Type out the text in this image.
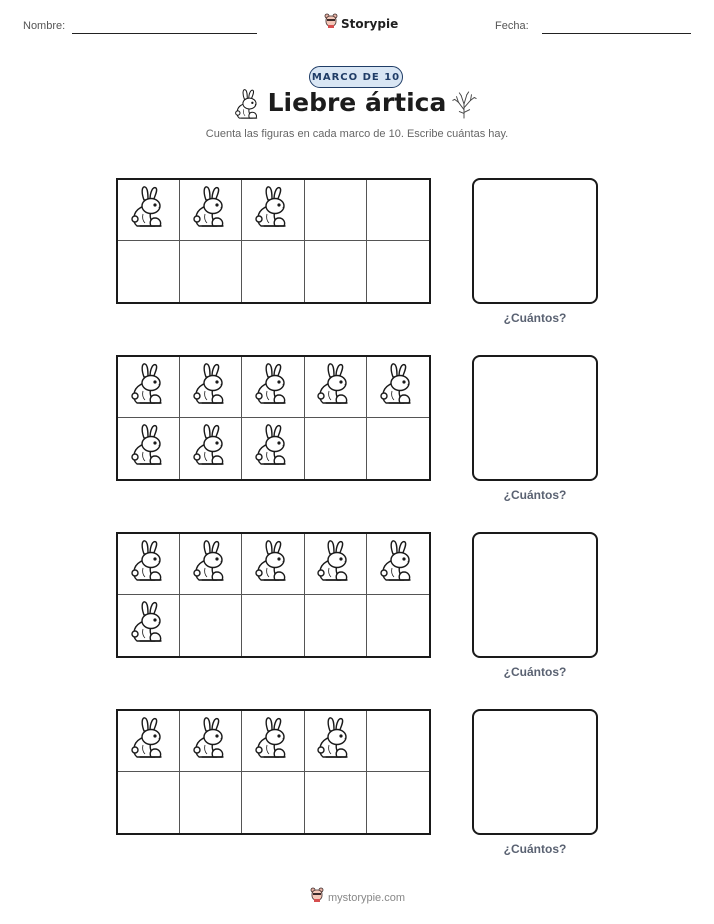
Nombre:	Storypie	Fecha:
MARCO DE 10
Liebre ártica
Cuenta las figuras en cada marco de 10. Escribe cuántas hay.
¿Cuántos?
¿Cuántos?
¿Cuántos?
¿Cuántos?
mystorypie.com
